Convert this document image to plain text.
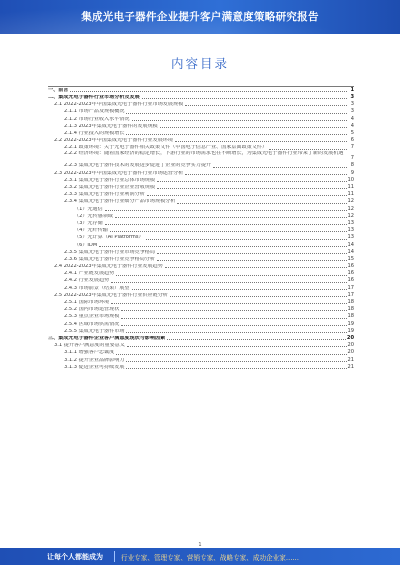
集成光电子器件企业提升客户满意度策略研究报告
内容目录
一、前言	1
二、集成光电子器件行业市场分析及发展	3
2.1 2022-2023年中国集成光电子器件行业市场发展规模	3
2.1.1 市场产品及规模概况	3
2.1.2 市场行业收入水平情况	4
2.1.3 2023年集成光电子器件的发展规模	4
2.1.4 行业投入的规模增长	5
2.2 2022-2023年中国集成光电子器件行业发展环境	6
2.2.1 政策环境：关于光电子器件相关政策文件（中国电子信息产业、国家层面政策文件）	7
2.2.2 经济环境：随着国家经济的稳定增长，下游行业的市场需求也在不断增长，为集成光电子器件行业带来了新的发展机遇
7
2.2.3 集成光电子器件技术的发展进步促进了企业的竞争实力提升	8
2.3 2022-2023年中国集成光电子器件行业市场运营分析	9
2.3.1 集成光电子器件行业总体市场规模	10
2.3.2 集成光电子器件行业企业营收规模	11
2.3.3 集成光电子器件行业利润分析	11
2.3.4 集成光电子器件行业细分产品市场规模分析	12
（1）光通信	12
（2）光传感领域	12
（3）光存储	13
（4）光纤传输	13
（5）光计算（AI Platforms）	13
（6）IDM	14
2.3.5 集成光电子器件行业市场竞争格局	14
2.3.6 集成光电子器件行业竞争格局分析	15
2.4 2022-2023年集成光电子器件行业发展趋势	16
2.4.1 产业链发展趋势	16
2.4.2 行业发展趋势	16
2.4.3 市场前景（结果）展望	17
2.5 2022-2023年集成光电子器件行业供应链分析	17
2.5.1 国际市场环境	18
2.5.2 国内市场运营现状	18
2.5.3 重点企业市场规模	18
2.5.4 区域市场供需情况	19
2.5.5 集成光电子器件市场	19
三、集成光电子器件企业客户满意度现状与影响因素	20
3.1 提升客户满意度的重要意义	20
3.1.1 增强客户忠诚度	20
3.1.2 提升企业品牌影响力	21
3.1.3 促进企业可持续发展	21
1
让每个人都能成为	行业专家、管理专家、营销专家、战略专家、成功企业家……
